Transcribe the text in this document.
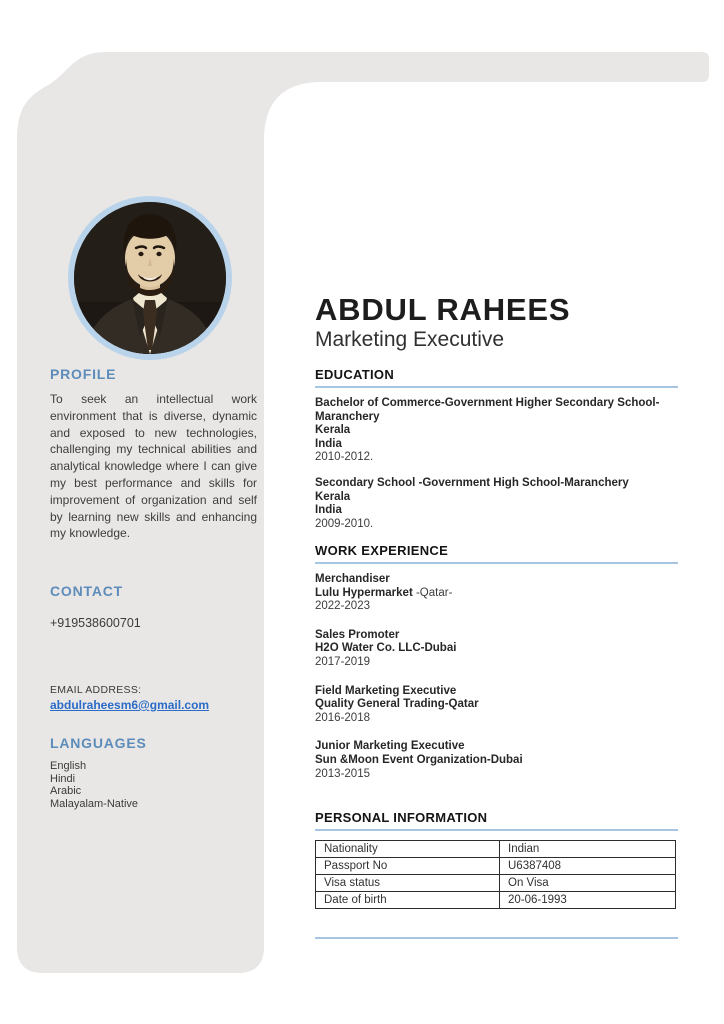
PROFILE

To seek an intellectual work environment that is diverse, dynamic and exposed to new technologies, challenging my technical abilities and analytical knowledge where I can give my best performance and skills for improvement of organization and self by learning new skills and enhancing my knowledge.

CONTACT
+919538600701
EMAIL ADDRESS:
abdulraheesm6@gmail.com
LANGUAGES
English
Hindi
Arabic
Malayalam-Native
ABDUL RAHEES
Marketing Executive
EDUCATION
Bachelor of Commerce-Government Higher Secondary School-Maranchery
Kerala
India
2010-2012.
Secondary School -Government High School-Maranchery
Kerala
India
2009-2010.
WORK EXPERIENCE
Merchandiser
Lulu Hypermarket -Qatar-
2022-2023
Sales Promoter
H2O Water Co. LLC-Dubai
2017-2019
Field Marketing Executive
Quality General Trading-Qatar
2016-2018
Junior Marketing Executive
Sun &Moon Event Organization-Dubai
2013-2015
PERSONAL INFORMATION
Nationality	Indian
Passport No	U6387408
Visa status	On Visa
Date of birth	20-06-1993
